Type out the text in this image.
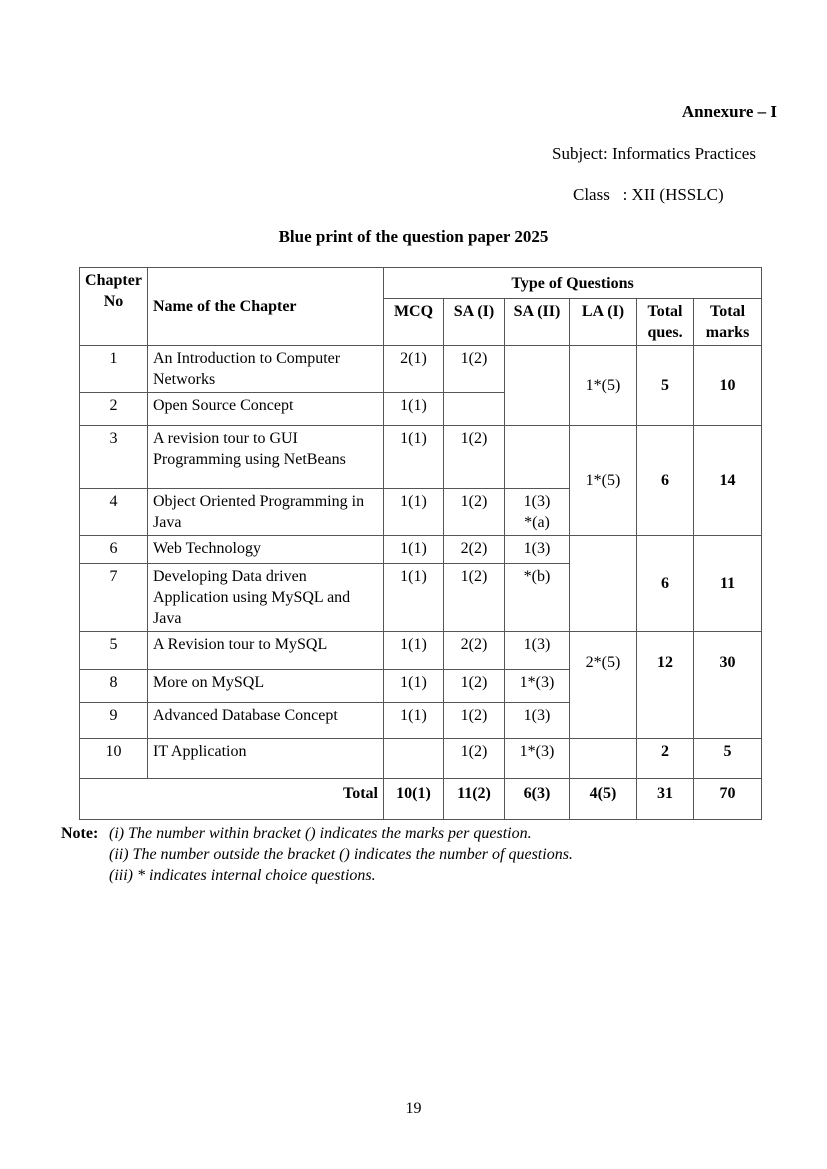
Annexure – I
Subject: Informatics Practices
Class   : XII (HSSLC)
Blue print of the question paper 2025
Chapter No	Name of the Chapter	Type of Questions					
		MCQ	SA (I)	SA (II)	LA (I)	Total ques.	Total marks
1	An Introduction to Computer Networks	2(1)	1(2)		1*(5)	5	10
2	Open Source Concept	1(1)					
3	A revision tour to GUI Programming using NetBeans	1(1)	1(2)		1*(5)	6	14
4	Object Oriented Programming in Java	1(1)	1(2)	1(3) *(a)			
6	Web Technology	1(1)	2(2)	1(3)		6	11
7	Developing Data driven Application using MySQL and Java	1(1)	1(2)	*(b)			
5	A Revision tour to MySQL	1(1)	2(2)	1(3)	2*(5)	12	30
8	More on MySQL	1(1)	1(2)	1*(3)			
9	Advanced Database Concept	1(1)	1(2)	1(3)			
10	IT Application		1(2)	1*(3)		2	5
Total		10(1)	11(2)	6(3)	4(5)	31	70
Note: (i) The number within bracket () indicates the marks per question.
(ii) The number outside the bracket () indicates the number of questions.
(iii) * indicates internal choice questions.
19
